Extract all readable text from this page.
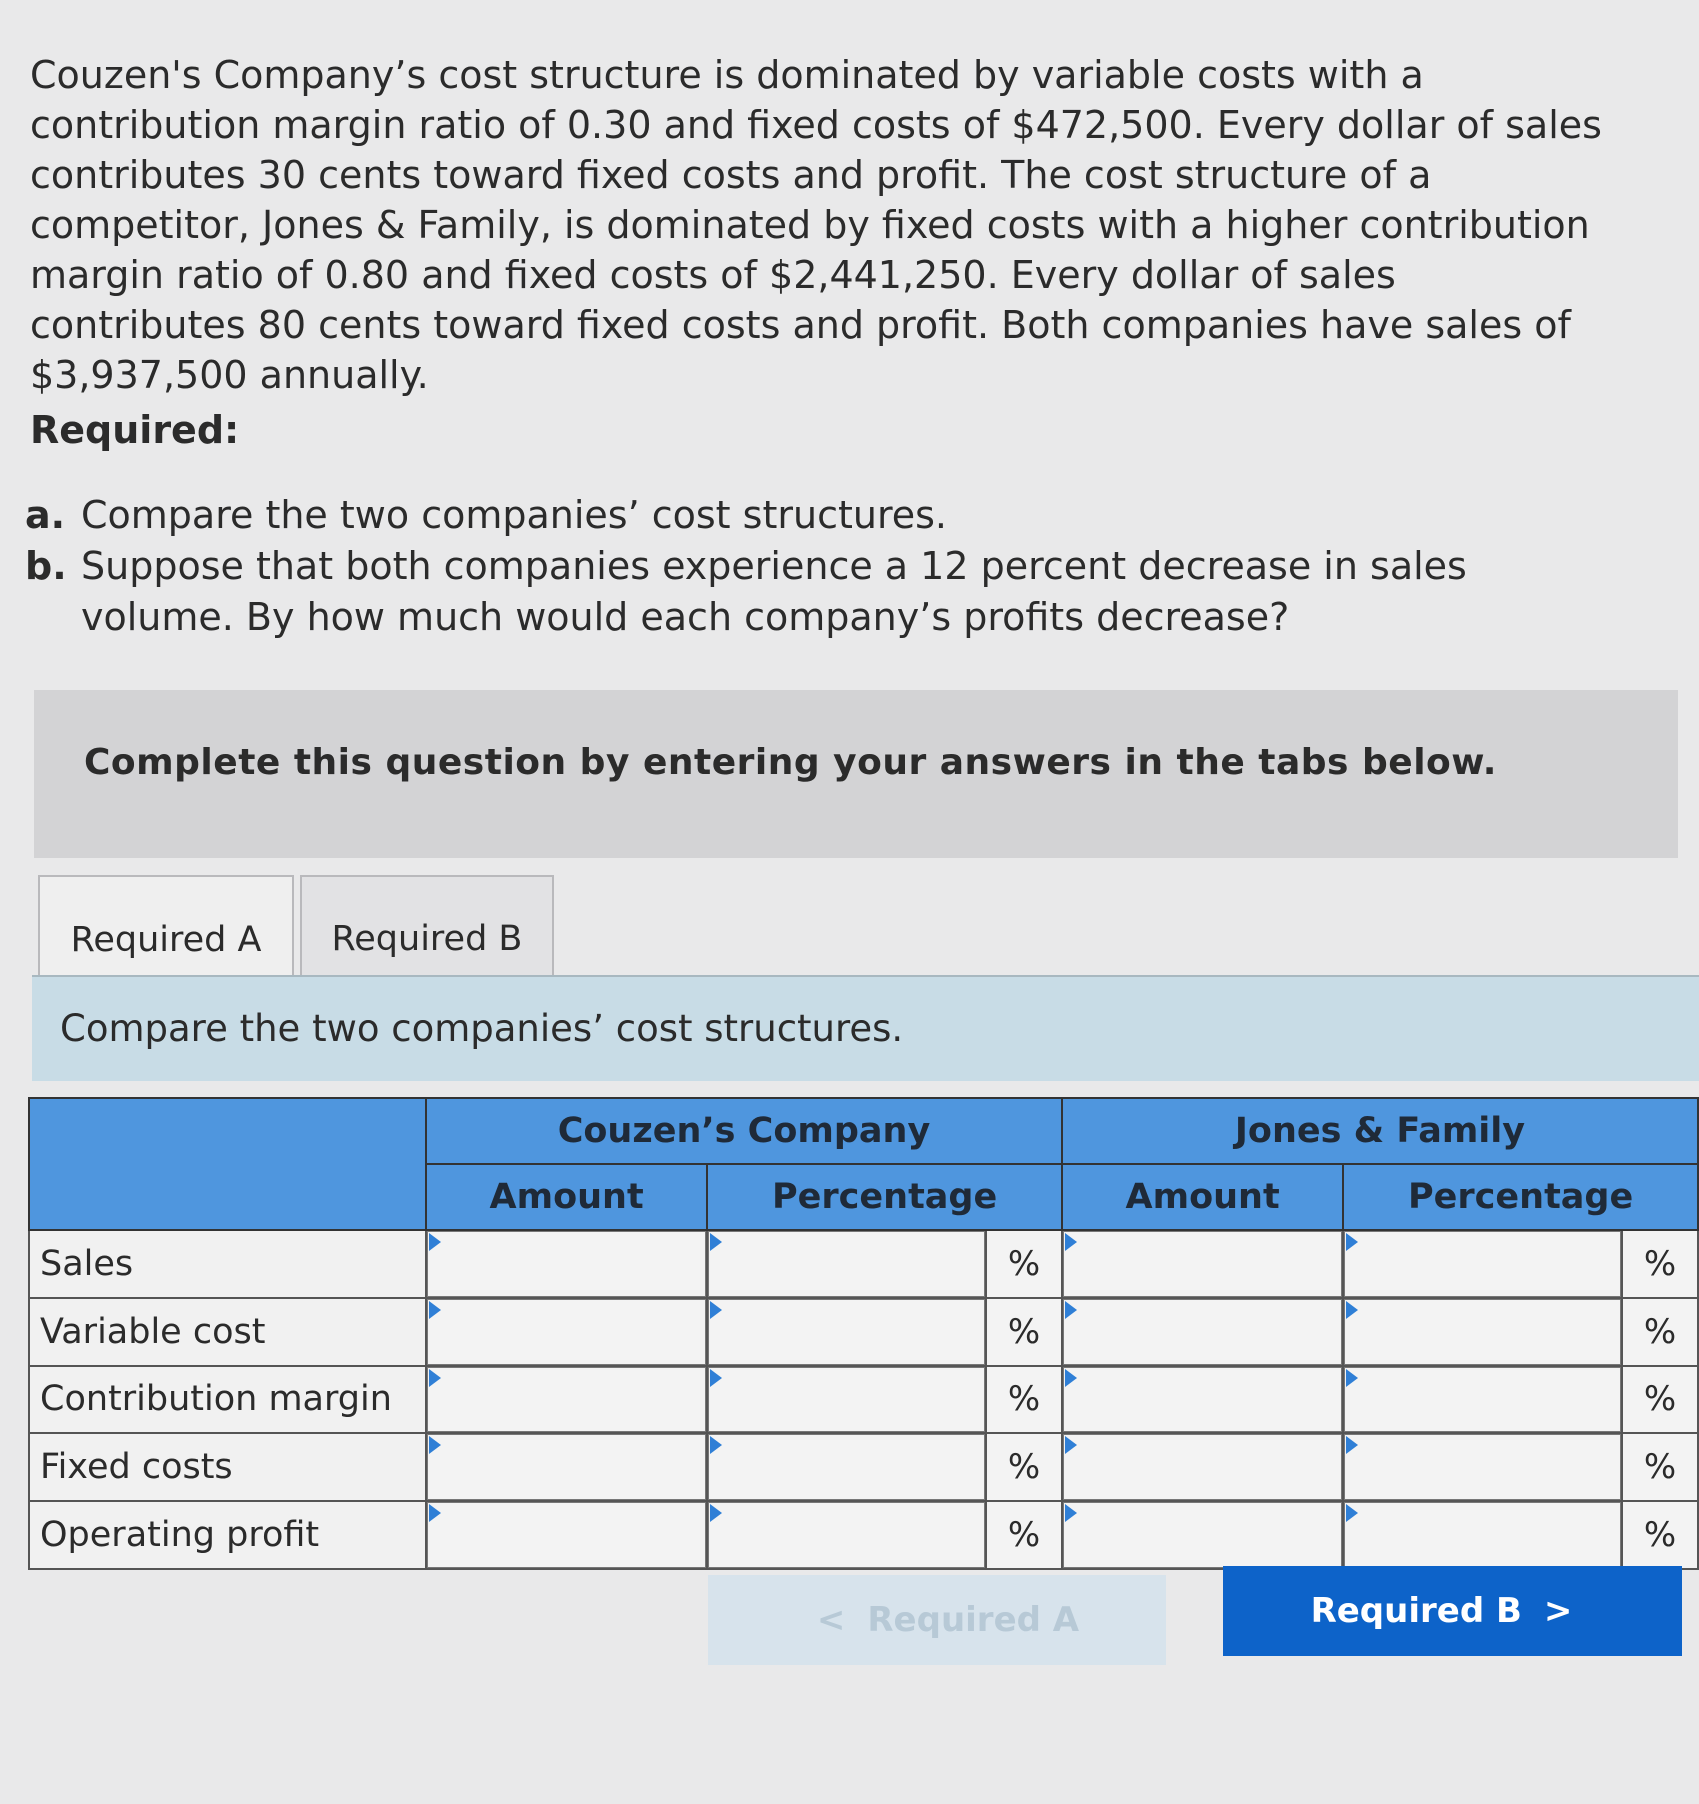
Couzen's Company’s cost structure is dominated by variable costs with a contribution margin ratio of 0.30 and fixed costs of $472,500. Every dollar of sales contributes 30 cents toward fixed costs and profit. The cost structure of a competitor, Jones & Family, is dominated by fixed costs with a higher contribution margin ratio of 0.80 and fixed costs of $2,441,250. Every dollar of sales contributes 80 cents toward fixed costs and profit. Both companies have sales of $3,937,500 annually.

Required:
a. Compare the two companies’ cost structures.
b. Suppose that both companies experience a 12 percent decrease in sales volume. By how much would each company’s profits decrease?
Complete this question by entering your answers in the tabs below.
Required A	Required B
Compare the two companies’ cost structures.
	Couzen’s Company			Jones & Family		
	Amount	Percentage		Amount	Percentage	
Sales			%			%
Variable cost			%			%
Contribution margin			%			%
Fixed costs			%			%
Operating profit			%			%
< Required A	Required B >
